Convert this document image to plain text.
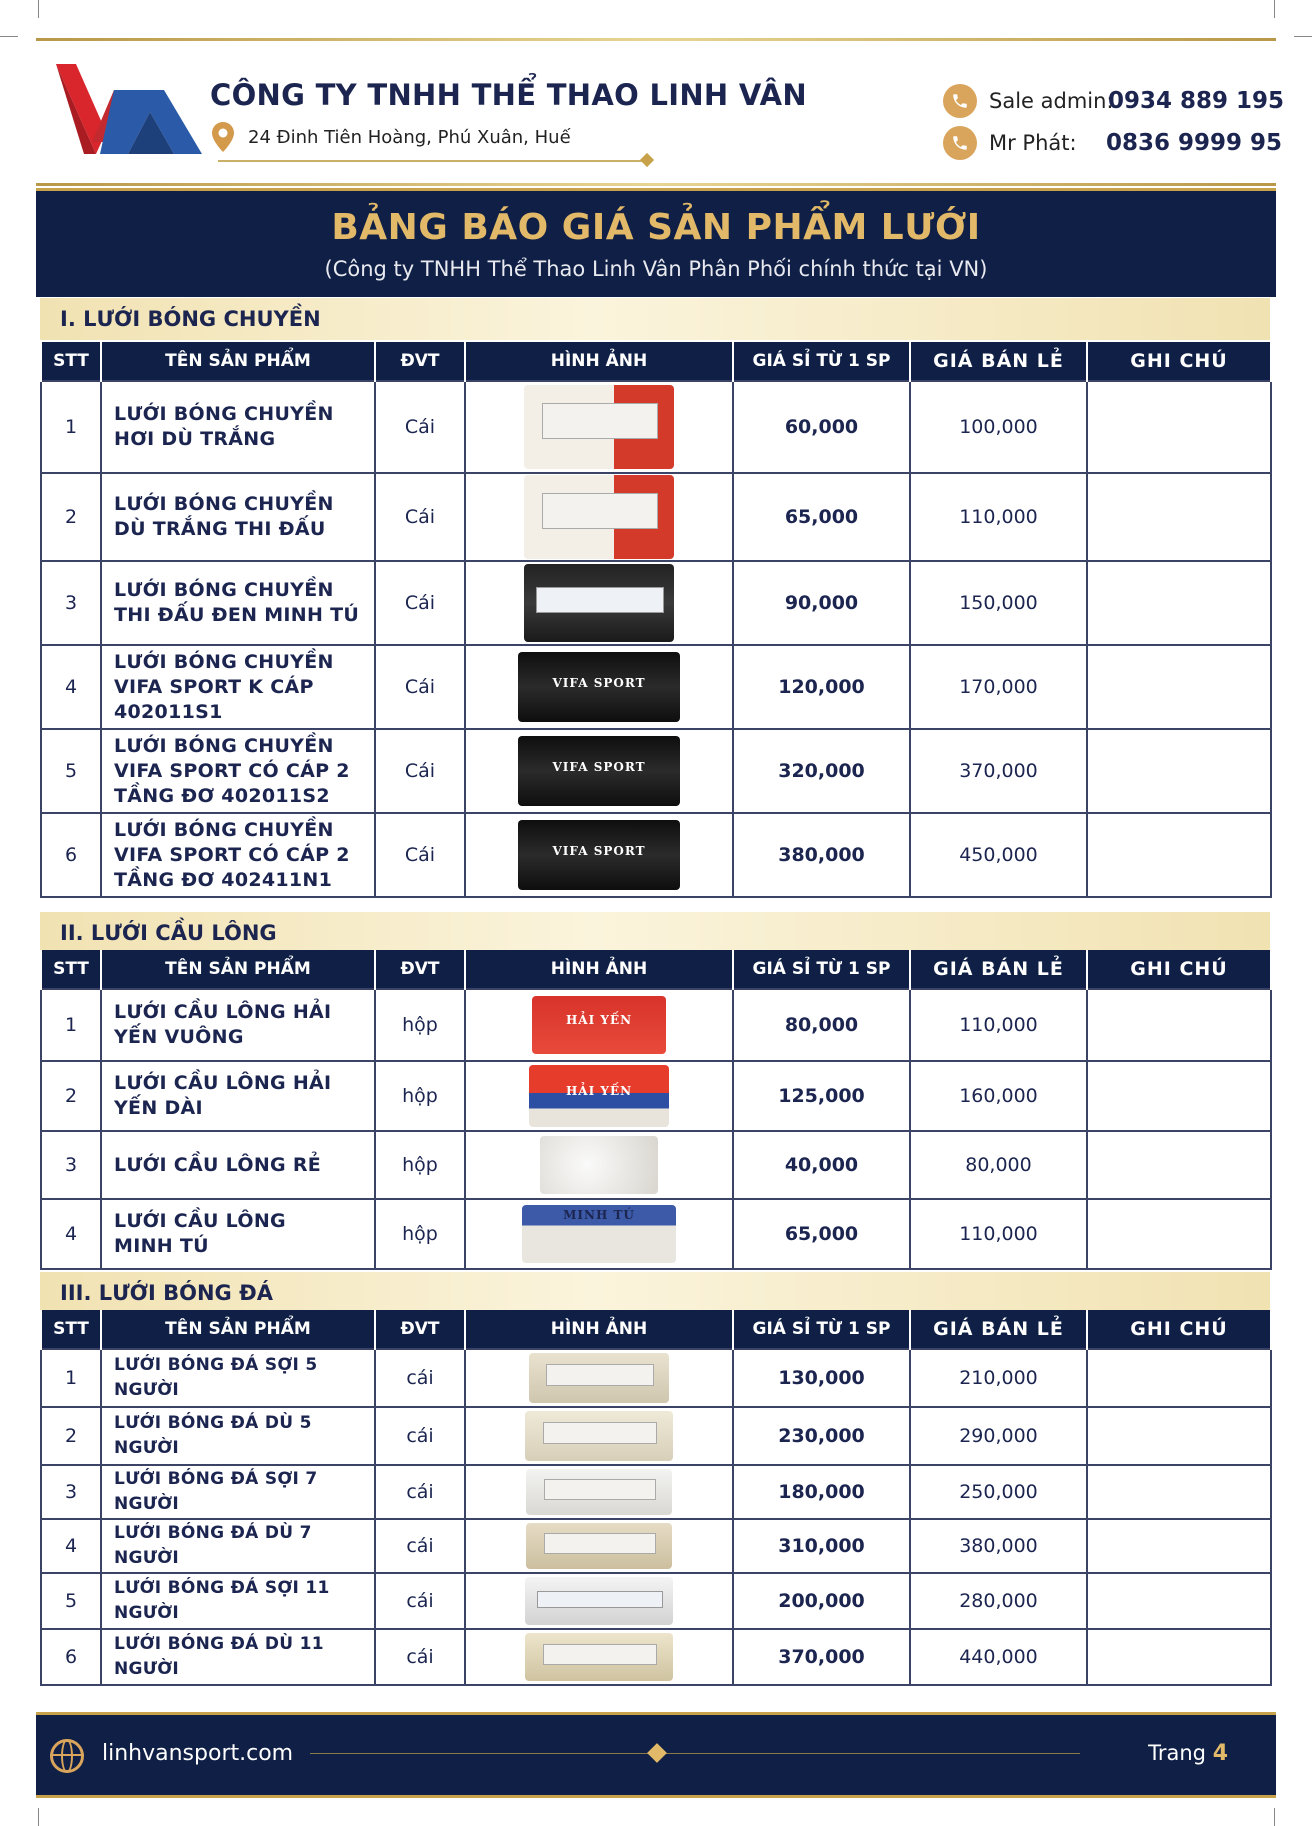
CÔNG TY TNHH THỂ THAO LINH VÂN
24 Đinh Tiên Hoàng, Phú Xuân, Huế
Sale admin:
0934 889 195
Mr Phát: 0836 9999 95
BẢNG BÁO GIÁ SẢN PHẨM LƯỚI
(Công ty TNHH Thể Thao Linh Vân Phân Phối chính thức tại VN)
I. LƯỚI BÓNG CHUYỀN
STT	TÊN SẢN PHẨM	ĐVT	HÌNH ẢNH	GIÁ SỈ TỪ 1 SP	GIÁ BÁN LẺ	GHI CHÚ
1	LƯỚI BÓNG CHUYỀN
HƠI DÙ TRẮNG	Cái		60,000	100,000	
2	LƯỚI BÓNG CHUYỀN
DÙ TRẮNG THI ĐẤU	Cái		65,000	110,000	
3	LƯỚI BÓNG CHUYỀN
THI ĐẤU ĐEN MINH TÚ	Cái		90,000	150,000	
4	LƯỚI BÓNG CHUYỀN
VIFA SPORT K CÁP
402011S1	Cái	VIFA SPORT	120,000	170,000	
5	LƯỚI BÓNG CHUYỀN
VIFA SPORT CÓ CÁP 2
TẦNG ĐƠ 402011S2	Cái	VIFA SPORT	320,000	370,000	
6	LƯỚI BÓNG CHUYỀN
VIFA SPORT CÓ CÁP 2
TẦNG ĐƠ 402411N1	Cái	VIFA SPORT	380,000	450,000	
II. LƯỚI CẦU LÔNG
STT	TÊN SẢN PHẨM	ĐVT	HÌNH ẢNH	GIÁ SỈ TỪ 1 SP	GIÁ BÁN LẺ	GHI CHÚ
1	LƯỚI CẦU LÔNG HẢI
YẾN VUÔNG	hộp	HẢI YẾN	80,000	110,000	
2	LƯỚI CẦU LÔNG HẢI
YẾN DÀI	hộp	HẢI YẾN	125,000	160,000	
3	LƯỚI CẦU LÔNG RẺ	hộp		40,000	80,000	
4	LƯỚI CẦU LÔNG
MINH TÚ	hộp	MINH TÚ	65,000	110,000	
III. LƯỚI BÓNG ĐÁ
STT	TÊN SẢN PHẨM	ĐVT	HÌNH ẢNH	GIÁ SỈ TỪ 1 SP	GIÁ BÁN LẺ	GHI CHÚ
1	LƯỚI BÓNG ĐÁ SỢI 5 NGƯỜI	cái		130,000	210,000	
2	LƯỚI BÓNG ĐÁ DÙ 5 NGƯỜI	cái		230,000	290,000	
3	LƯỚI BÓNG ĐÁ SỢI 7 NGƯỜI	cái		180,000	250,000	
4	LƯỚI BÓNG ĐÁ DÙ 7 NGƯỜI	cái		310,000	380,000	
5	LƯỚI BÓNG ĐÁ SỢI 11 NGƯỜI	cái		200,000	280,000	
6	LƯỚI BÓNG ĐÁ DÙ 11 NGƯỜI	cái		370,000	440,000	
linhvansport.com	Trang 4
